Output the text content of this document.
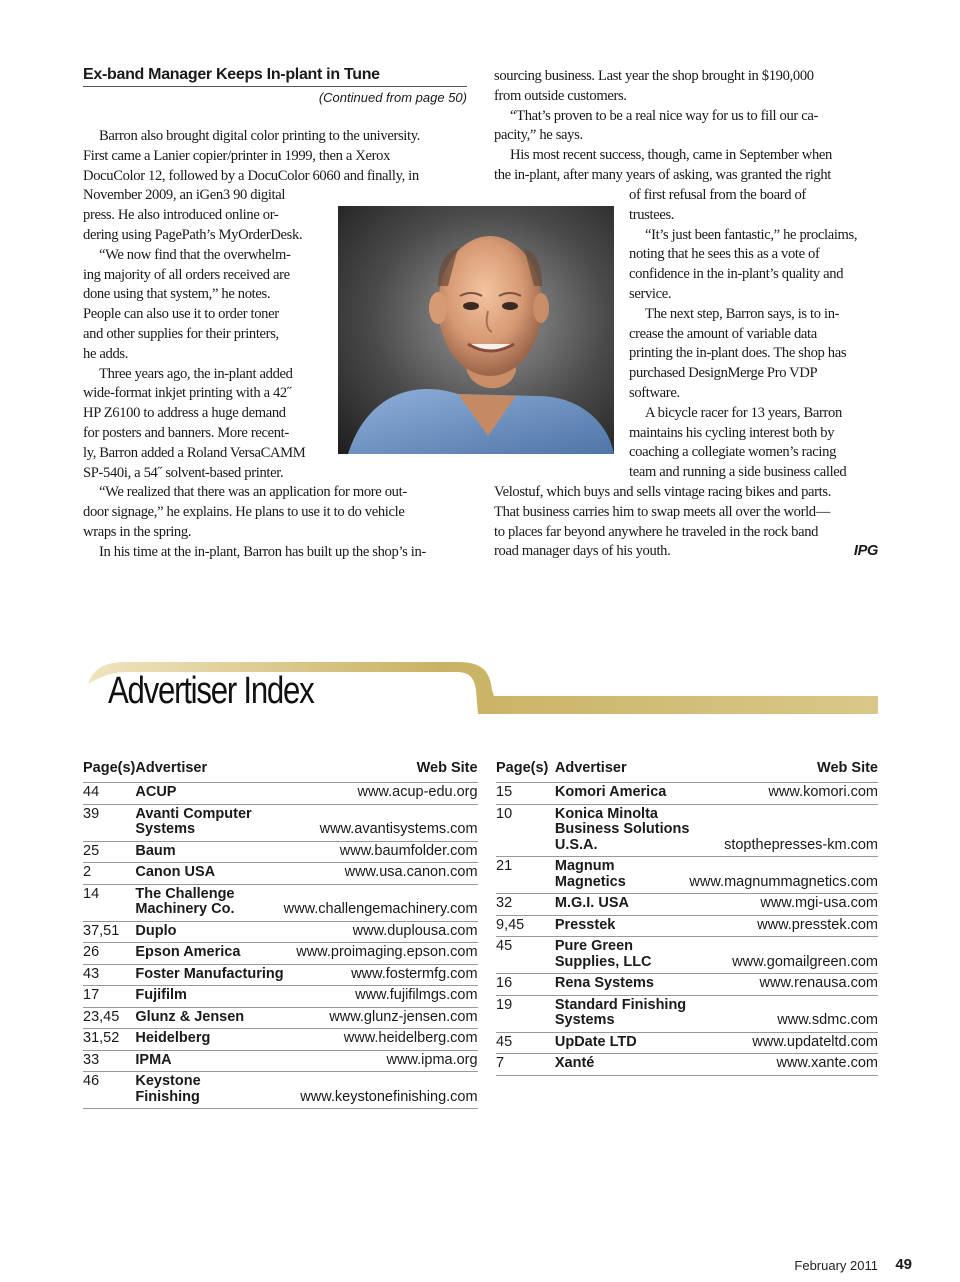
Ex-band Manager Keeps In-plant in Tune
(Continued from page 50)

Barron also brought digital color printing to the university.
First came a Lanier copier/printer in 1999, then a Xerox
DocuColor 12, followed by a DocuColor 6060 and finally, in
November 2009, an iGen3 90 digital
press. He also introduced online or-
dering using PagePath’s MyOrderDesk.

“We now find that the overwhelm-
ing majority of all orders received are
done using that system,” he notes.
People can also use it to order toner
and other supplies for their printers,
he adds.

Three years ago, the in-plant added
wide-format inkjet printing with a 42˝
HP Z6100 to address a huge demand
for posters and banners. More recent-
ly, Barron added a Roland VersaCAMM
SP-540i, a 54˝ solvent-based printer.

“We realized that there was an application for more out-
door signage,” he explains. He plans to use it to do vehicle
wraps in the spring.

In his time at the in-plant, Barron has built up the shop’s in-

sourcing business. Last year the shop brought in $190,000
from outside customers.

“That’s proven to be a real nice way for us to fill our ca-
pacity,” he says.

His most recent success, though, came in September when
the in-plant, after many years of asking, was granted the right

of first refusal from the board of
trustees.

“It’s just been fantastic,” he proclaims,
noting that he sees this as a vote of
confidence in the in-plant’s quality and
service.

The next step, Barron says, is to in-
crease the amount of variable data
printing the in-plant does. The shop has
purchased DesignMerge Pro VDP
software.

A bicycle racer for 13 years, Barron
maintains his cycling interest both by
coaching a collegiate women’s racing
team and running a side business called

Velostuf, which buys and sells vintage racing bikes and parts.
That business carries him to swap meets all over the world—
to places far beyond anywhere he traveled in the rock band
road manager days of his youth.	IPG

Advertiser Index
Page(s)	Advertiser	Web Site
44	ACUP	www.acup-edu.org
39	Avanti Computer
Systems	www.avantisystems.com
25	Baum	www.baumfolder.com
2	Canon USA	www.usa.canon.com
14	The Challenge
Machinery Co.	www.challengemachinery.com
37,51	Duplo	www.duplousa.com
26	Epson America	www.proimaging.epson.com
43	Foster Manufacturing	www.fostermfg.com
17	Fujifilm	www.fujifilmgs.com
23,45	Glunz & Jensen	www.glunz-jensen.com
31,52	Heidelberg	www.heidelberg.com
33	IPMA	www.ipma.org
46	Keystone
Finishing	www.keystonefinishing.com
Page(s)	Advertiser	Web Site
15	Komori America	www.komori.com
10	Konica Minolta
Business Solutions
U.S.A.	stopthepresses-km.com
21	Magnum
Magnetics	www.magnummagnetics.com
32	M.G.I. USA	www.mgi-usa.com
9,45	Presstek	www.presstek.com
45	Pure Green
Supplies, LLC	www.gomailgreen.com
16	Rena Systems	www.renausa.com
19	Standard Finishing
Systems	www.sdmc.com
45	UpDate LTD	www.updateltd.com
7	Xanté	www.xante.com
February 2011 49
